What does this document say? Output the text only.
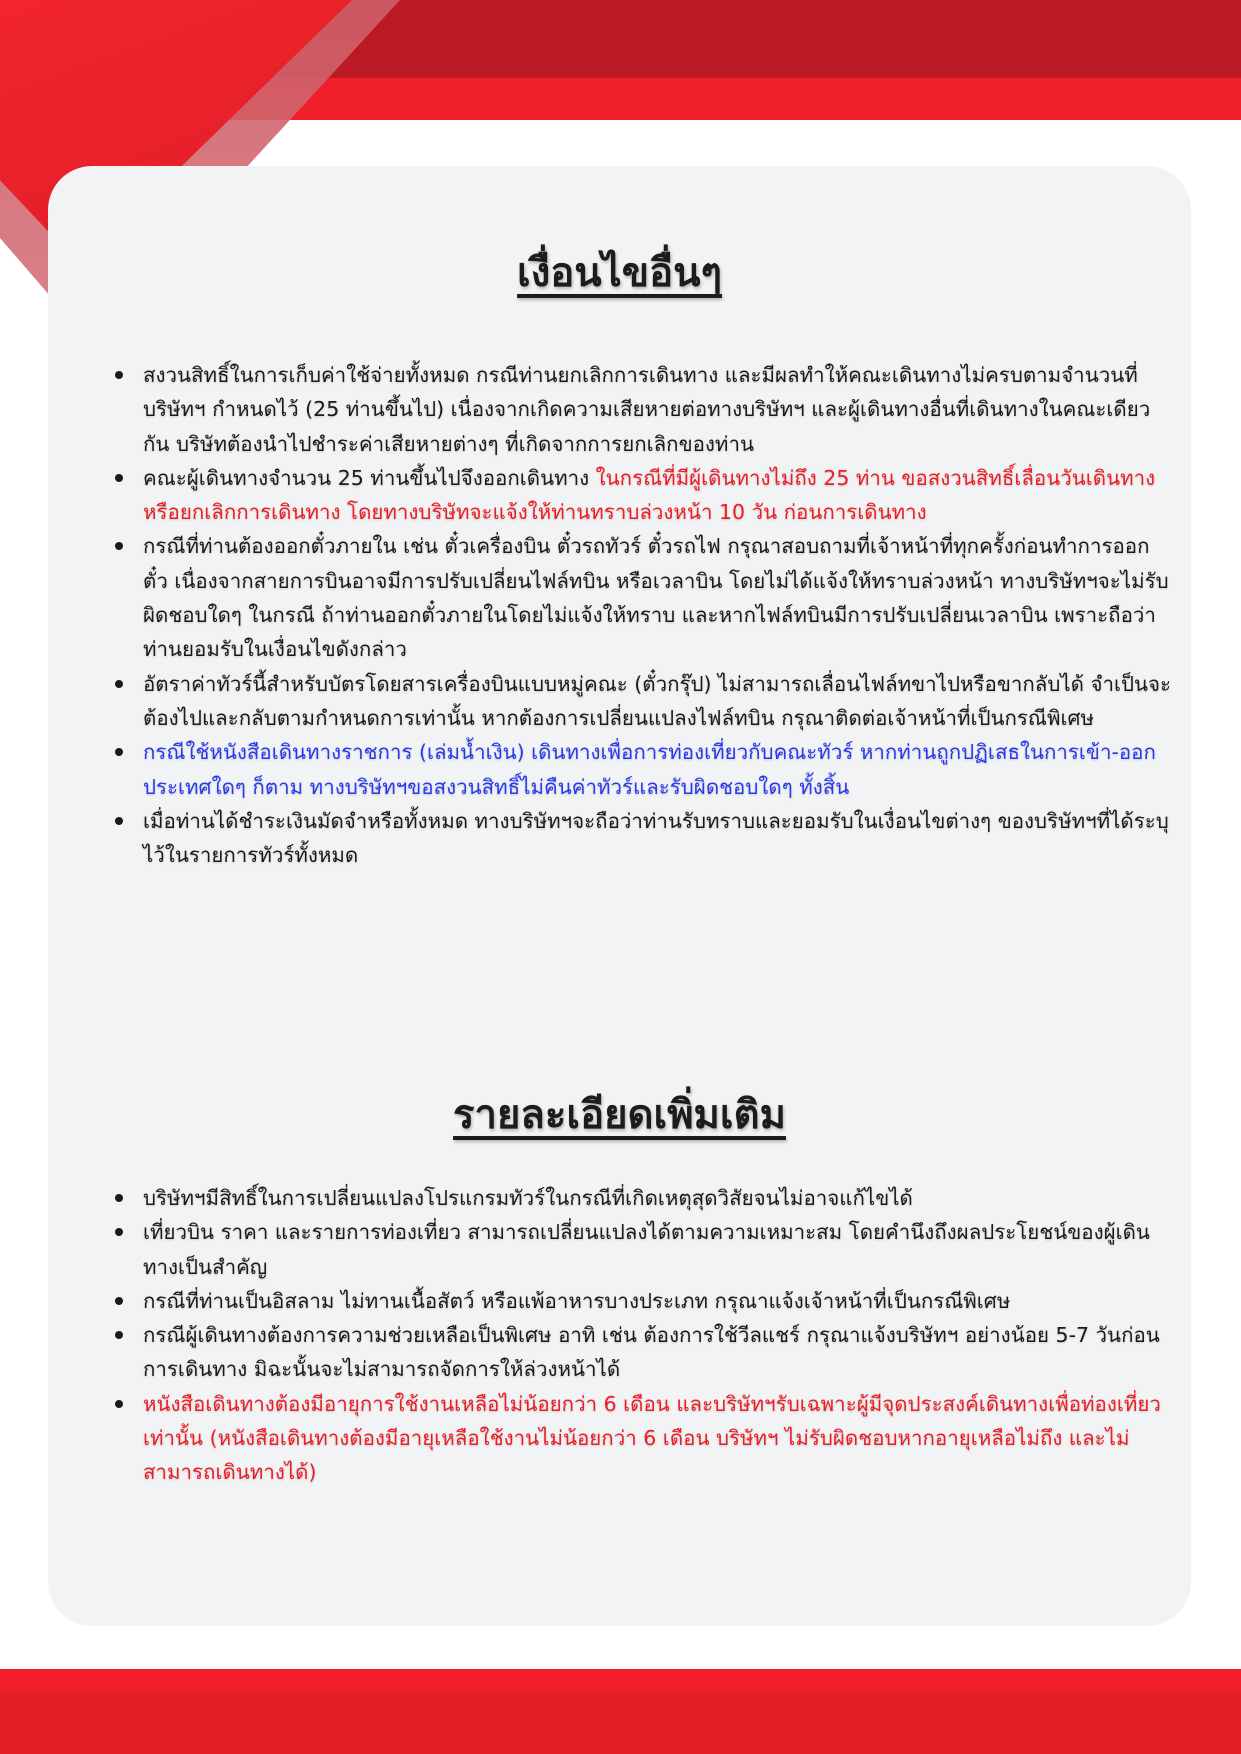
เงื่อนไขอื่นๆ
สงวนสิทธิ์ในการเก็บค่าใช้จ่ายทั้งหมด กรณีท่านยกเลิกการเดินทาง และมีผลทำให้คณะเดินทางไม่ครบตามจำนวนที่บริษัทฯ กำหนดไว้ (25 ท่านขึ้นไป) เนื่องจากเกิดความเสียหายต่อทางบริษัทฯ และผู้เดินทางอื่นที่เดินทางในคณะเดียว กัน บริษัทต้องนำไปชำระค่าเสียหายต่างๆ ที่เกิดจากการยกเลิกของท่าน
คณะผู้เดินทางจำนวน 25 ท่านขึ้นไปจึงออกเดินทาง ในกรณีที่มีผู้เดินทางไม่ถึง 25 ท่าน ขอสงวนสิทธิ์เลื่อนวันเดินทาง หรือยกเลิกการเดินทาง โดยทางบริษัทจะแจ้งให้ท่านทราบล่วงหน้า 10 วัน ก่อนการเดินทาง
กรณีที่ท่านต้องออกตั๋วภายใน เช่น ตั๋วเครื่องบิน ตั๋วรถทัวร์ ตั๋วรถไฟ กรุณาสอบถามที่เจ้าหน้าที่ทุกครั้งก่อนทำการออกตั๋ว เนื่องจากสายการบินอาจมีการปรับเปลี่ยนไฟล์ทบิน หรือเวลาบิน โดยไม่ได้แจ้งให้ทราบล่วงหน้า ทางบริษัทฯจะไม่รับผิดชอบใดๆ ในกรณี ถ้าท่านออกตั๋วภายในโดยไม่แจ้งให้ทราบ และหากไฟล์ทบินมีการปรับเปลี่ยนเวลาบิน เพราะถือว่าท่านยอมรับในเงื่อนไขดังกล่าว
อัตราค่าทัวร์นี้สำหรับบัตรโดยสารเครื่องบินแบบหมู่คณะ (ตั๋วกรุ๊ป) ไม่สามารถเลื่อนไฟล์ทขาไปหรือขากลับได้ จำเป็นจะต้องไปและกลับตามกำหนดการเท่านั้น หากต้องการเปลี่ยนแปลงไฟล์ทบิน กรุณาติดต่อเจ้าหน้าที่เป็นกรณีพิเศษ
กรณีใช้หนังสือเดินทางราชการ (เล่มน้ำเงิน) เดินทางเพื่อการท่องเที่ยวกับคณะทัวร์ หากท่านถูกปฏิเสธในการเข้า-ออกประเทศใดๆ ก็ตาม ทางบริษัทฯขอสงวนสิทธิ์ไม่คืนค่าทัวร์และรับผิดชอบใดๆ ทั้งสิ้น
เมื่อท่านได้ชำระเงินมัดจำหรือทั้งหมด ทางบริษัทฯจะถือว่าท่านรับทราบและยอมรับในเงื่อนไขต่างๆ ของบริษัทฯที่ได้ระบุไว้ในรายการทัวร์ทั้งหมด
รายละเอียดเพิ่มเติม
บริษัทฯมีสิทธิ์ในการเปลี่ยนแปลงโปรแกรมทัวร์ในกรณีที่เกิดเหตุสุดวิสัยจนไม่อาจแก้ไขได้
เที่ยวบิน ราคา และรายการท่องเที่ยว สามารถเปลี่ยนแปลงได้ตามความเหมาะสม โดยคำนึงถึงผลประโยชน์ของผู้เดินทางเป็นสำคัญ
กรณีที่ท่านเป็นอิสลาม ไม่ทานเนื้อสัตว์ หรือแพ้อาหารบางประเภท กรุณาแจ้งเจ้าหน้าที่เป็นกรณีพิเศษ
กรณีผู้เดินทางต้องการความช่วยเหลือเป็นพิเศษ อาทิ เช่น ต้องการใช้วีลแชร์ กรุณาแจ้งบริษัทฯ อย่างน้อย 5-7 วันก่อนการเดินทาง มิฉะนั้นจะไม่สามารถจัดการให้ล่วงหน้าได้
หนังสือเดินทางต้องมีอายุการใช้งานเหลือไม่น้อยกว่า 6 เดือน และบริษัทฯรับเฉพาะผู้มีจุดประสงค์เดินทางเพื่อท่องเที่ยวเท่านั้น (หนังสือเดินทางต้องมีอายุเหลือใช้งานไม่น้อยกว่า 6 เดือน บริษัทฯ ไม่รับผิดชอบหากอายุเหลือไม่ถึง และไม่สามารถเดินทางได้)
